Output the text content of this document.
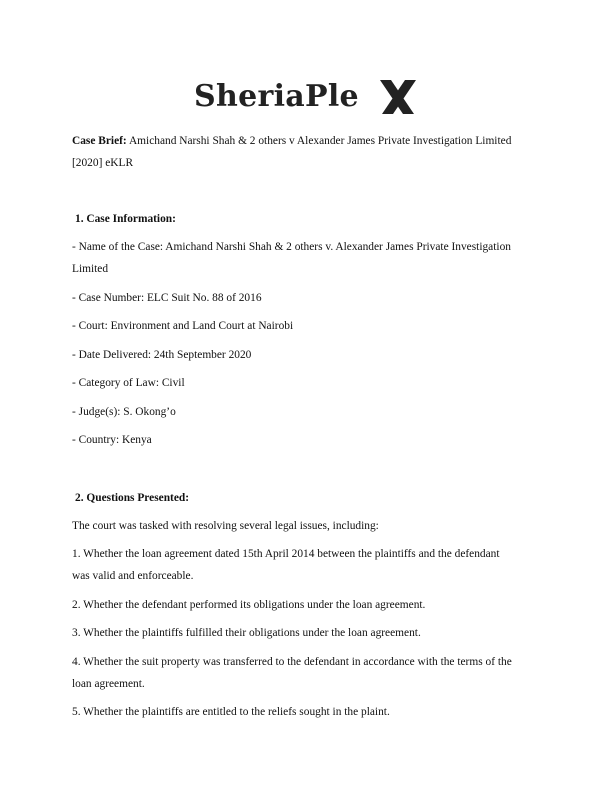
SheriaPle
Case Brief: Amichand Narshi Shah & 2 others v Alexander James Private Investigation Limited
[2020] eKLR
1. Case Information:
- Name of the Case: Amichand Narshi Shah & 2 others v. Alexander James Private Investigation
Limited
- Case Number: ELC Suit No. 88 of 2016
- Court: Environment and Land Court at Nairobi
- Date Delivered: 24th September 2020
- Category of Law: Civil
- Judge(s): S. Okong’o
- Country: Kenya
2. Questions Presented:
The court was tasked with resolving several legal issues, including:
1. Whether the loan agreement dated 15th April 2014 between the plaintiffs and the defendant
was valid and enforceable.
2. Whether the defendant performed its obligations under the loan agreement.
3. Whether the plaintiffs fulfilled their obligations under the loan agreement.
4. Whether the suit property was transferred to the defendant in accordance with the terms of the
loan agreement.
5. Whether the plaintiffs are entitled to the reliefs sought in the plaint.
